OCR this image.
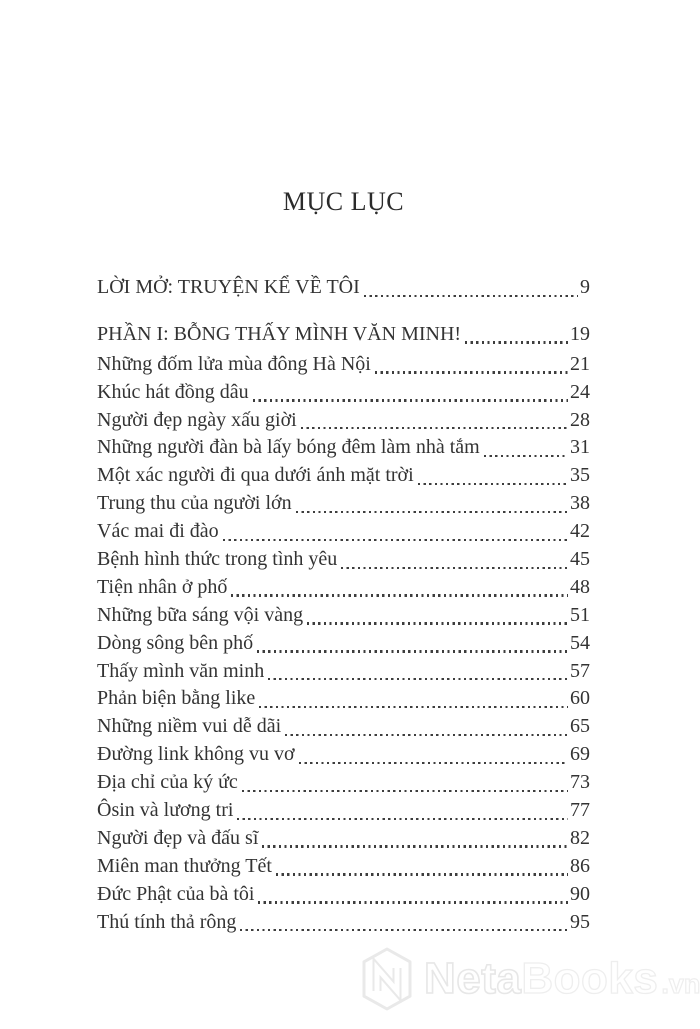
MỤC LỤC
LỜI MỞ: TRUYỆN KỂ VỀ TÔI	9
PHẦN I: BỖNG THẤY MÌNH VĂN MINH!	19
Những đốm lửa mùa đông Hà Nội	21
Khúc hát đồng dâu	24
Người đẹp ngày xấu giời	28
Những người đàn bà lấy bóng đêm làm nhà tắm	31
Một xác người đi qua dưới ánh mặt trời	35
Trung thu của người lớn	38
Vác mai đi đào	42
Bệnh hình thức trong tình yêu	45
Tiện nhân ở phố	48
Những bữa sáng vội vàng	51
Dòng sông bên phố	54
Thấy mình văn minh	57
Phản biện bằng like	60
Những niềm vui dễ dãi	65
Đường link không vu vơ	69
Địa chỉ của ký ức	73
Ôsin và lương tri	77
Người đẹp và đấu sĩ	82
Miên man thưởng Tết	86
Đức Phật của bà tôi	90
Thú tính thả rông	95
Neta Books .vn
